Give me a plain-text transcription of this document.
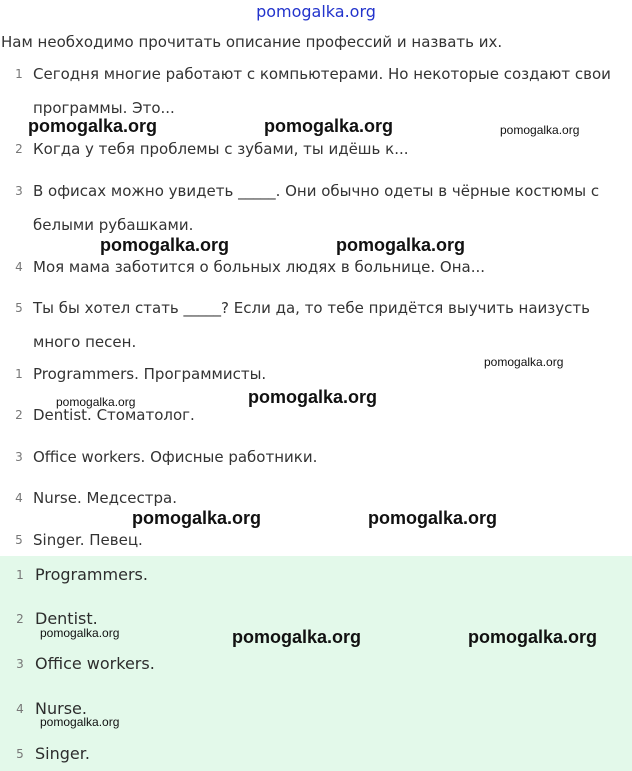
pomogalka.org
Нам необходимо прочитать описание профессий и назвать их.
1 Сегодня многие работают с компьютерами. Но некоторые создают свои программы. Это...
2 Когда у тебя проблемы с зубами, ты идёшь к...
3 В офисах можно увидеть _____. Они обычно одеты в чёрные костюмы с белыми рубашками.
4 Моя мама заботится о больных людях в больнице. Она...
5 Ты бы хотел стать _____? Если да, то тебе придётся выучить наизусть много песен.
1 Programmers. Программисты.
2 Dentist. Стоматолог.
3 Office workers. Офисные работники.
4 Nurse. Медсестра.
5 Singer. Певец.
1 Programmers.
2 Dentist.
3 Office workers.
4 Nurse.
5 Singer.
pomogalka.org	pomogalka.org	pomogalka.org
pomogalka.org	pomogalka.org
pomogalka.org
pomogalka.org	pomogalka.org
pomogalka.org	pomogalka.org
pomogalka.org	pomogalka.org	pomogalka.org
pomogalka.org
